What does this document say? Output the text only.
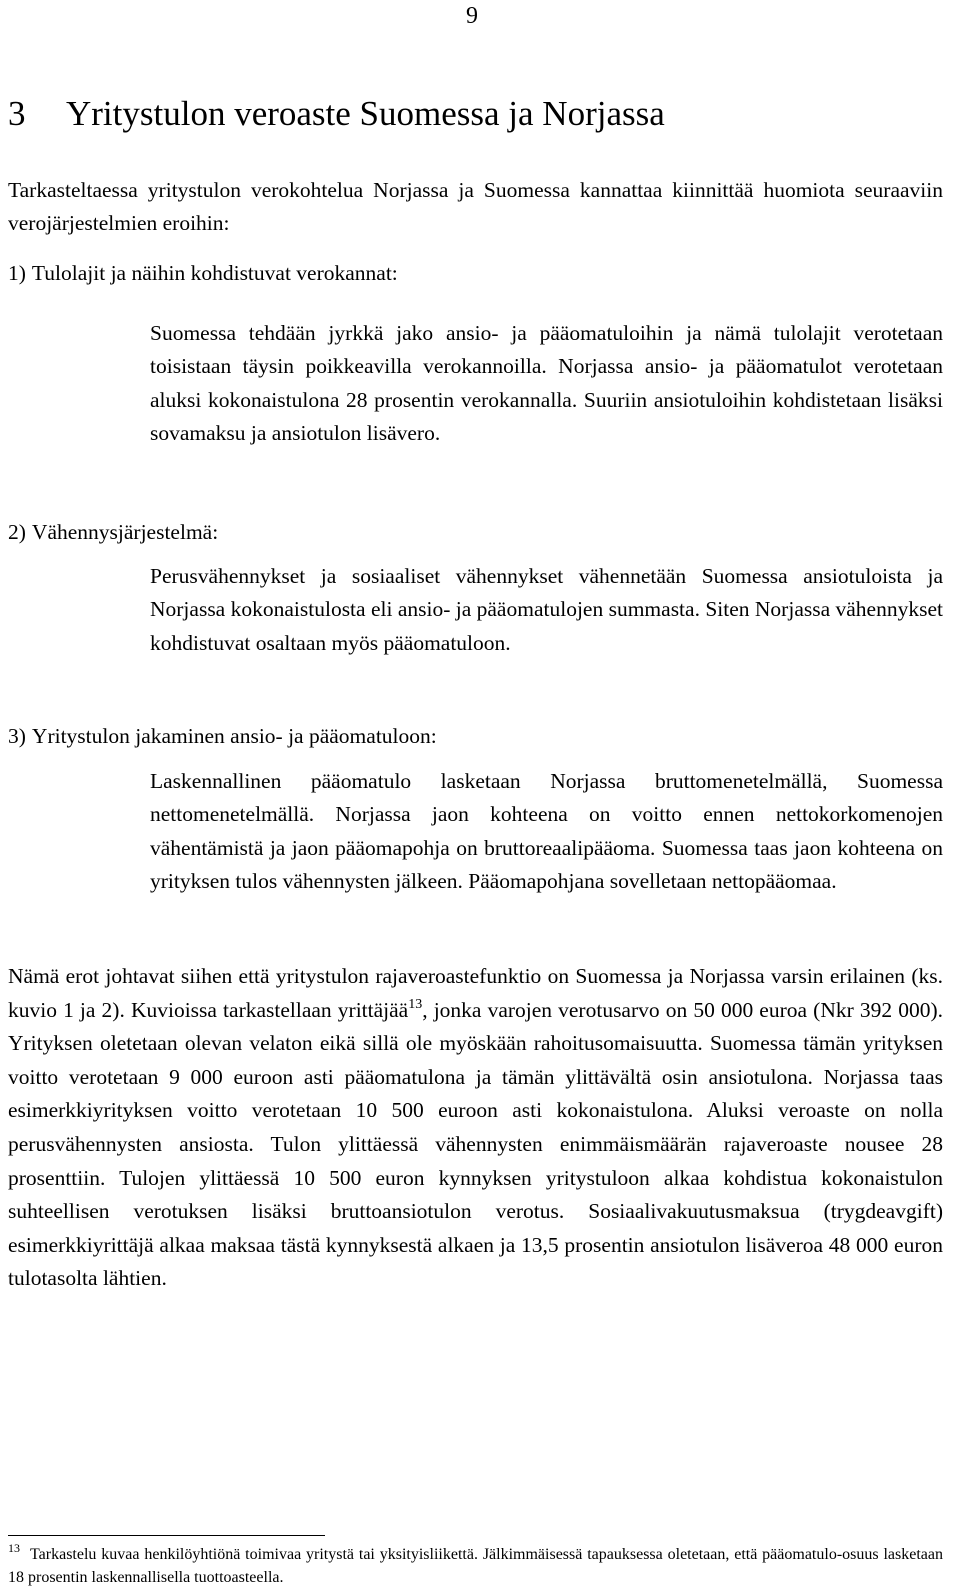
9
3 Yritystulon veroaste Suomessa ja Norjassa

Tarkasteltaessa yritystulon verokohtelua Norjassa ja Suomessa kannattaa kiinnittää huomiota seuraaviin verojärjestelmien eroihin:

1) Tulolajit ja näihin kohdistuvat verokannat:

Suomessa tehdään jyrkkä jako ansio- ja pääomatuloihin ja nämä tulolajit verotetaan toisistaan täysin poikkeavilla verokannoilla. Norjassa ansio- ja pääomatulot verotetaan aluksi kokonaistulona 28 prosentin verokannalla. Suuriin ansiotuloihin kohdistetaan lisäksi sovamaksu ja ansiotulon lisävero.

2) Vähennysjärjestelmä:

Perusvähennykset ja sosiaaliset vähennykset vähennetään Suomessa ansiotuloista ja Norjassa kokonaistulosta eli ansio- ja pääomatulojen summasta. Siten Norjassa vähennykset kohdistuvat osaltaan myös pääomatuloon.

3) Yritystulon jakaminen ansio- ja pääomatuloon:

Laskennallinen pääomatulo lasketaan Norjassa bruttomenetelmällä, Suomessa nettomenetelmällä. Norjassa jaon kohteena on voitto ennen nettokorkomenojen vähentämistä ja jaon pääomapohja on bruttoreaalipääoma. Suomessa taas jaon kohteena on yrityksen tulos vähennysten jälkeen. Pääomapohjana sovelletaan nettopääomaa.

Nämä erot johtavat siihen että yritystulon rajaveroastefunktio on Suomessa ja Norjassa varsin erilainen (ks. kuvio 1 ja 2). Kuvioissa tarkastellaan yrittäjää$^{13}$, jonka varojen verotusarvo on 50 000 euroa (Nkr 392 000). Yrityksen oletetaan olevan velaton eikä sillä ole myöskään rahoitusomaisuutta. Suomessa tämän yrityksen voitto verotetaan 9 000 euroon asti pääomatulona ja tämän ylittävältä osin ansiotulona. Norjassa taas esimerkkiyrityksen voitto verotetaan 10 500 euroon asti kokonaistulona. Aluksi veroaste on nolla perusvähennysten ansiosta. Tulon ylittäessä vähennysten enimmäismäärän rajaveroaste nousee 28 prosenttiin. Tulojen ylittäessä 10 500 euron kynnyksen yritystuloon alkaa kohdistua kokonaistulon suhteellisen verotuksen lisäksi bruttoansiotulon verotus. Sosiaalivakuutusmaksua (trygdeavgift) esimerkkiyrittäjä alkaa maksaa tästä kynnyksestä alkaen ja 13,5 prosentin ansiotulon lisäveroa 48 000 euron tulotasolta lähtien.

$^{13}$ Tarkastelu kuvaa henkilöyhtiönä toimivaa yritystä tai yksityisliikettä. Jälkimmäisessä tapauksessa oletetaan, että pääomatulo-osuus lasketaan 18 prosentin laskennallisella tuottoasteella.
